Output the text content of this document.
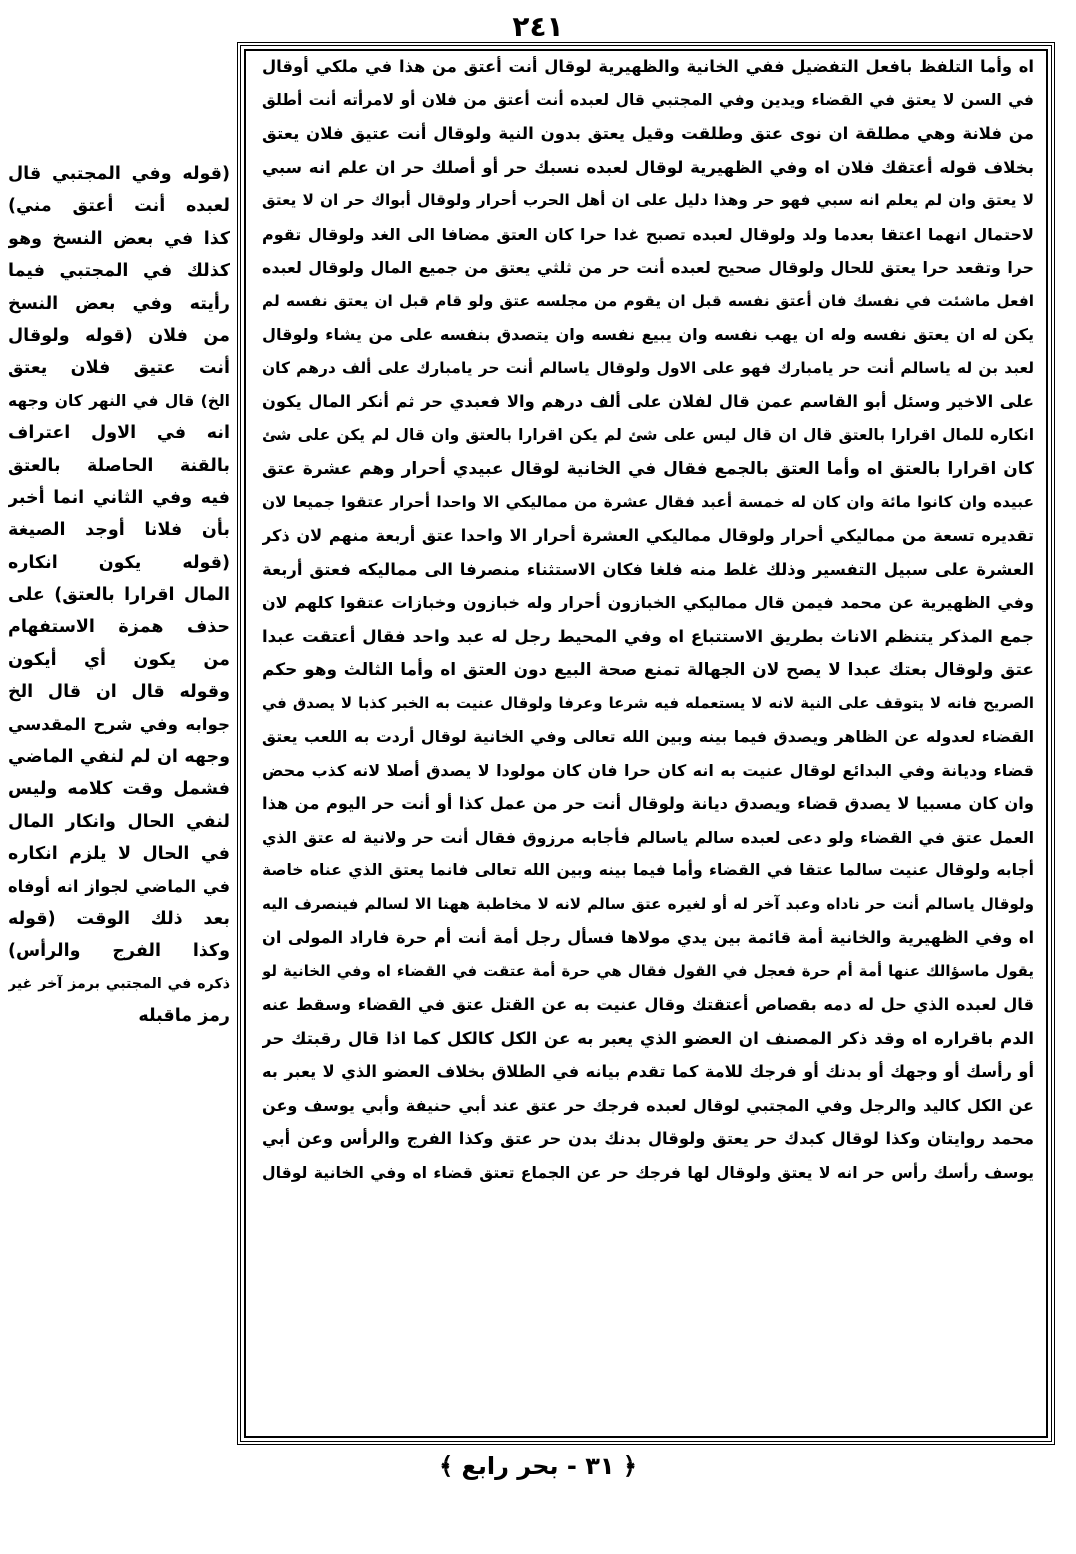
٢٤١
اه وأما التلفظ بافعل التفضيل ففي الخانية والظهيرية لوقال أنت أعتق من هذا في ملكي أوقال
في السن لا يعتق في القضاء ويدين وفي المجتبي قال لعبده أنت أعتق من فلان أو لامرأته أنت أطلق
من فلانة وهي مطلقة ان نوى عتق وطلقت وقيل يعتق بدون النية ولوقال أنت عتيق فلان يعتق
بخلاف قوله أعتقك فلان اه وفي الظهيرية لوقال لعبده نسبك حر أو أصلك حر ان علم انه سبي
لا يعتق وان لم يعلم انه سبي فهو حر وهذا دليل على ان أهل الحرب أحرار ولوقال أبواك حر ان لا يعتق
لاحتمال انهما اعتقا بعدما ولد ولوقال لعبده تصبح غدا حرا كان العتق مضافا الى الغد ولوقال تقوم
حرا وتقعد حرا يعتق للحال ولوقال صحيح لعبده أنت حر من ثلثي يعتق من جميع المال ولوقال لعبده
افعل ماشئت في نفسك فان أعتق نفسه قبل ان يقوم من مجلسه عتق ولو قام قبل ان يعتق نفسه لم
يكن له ان يعتق نفسه وله ان يهب نفسه وان يبيع نفسه وان يتصدق بنفسه على من يشاء ولوقال
لعبد بن له ياسالم أنت حر يامبارك فهو على الاول ولوقال ياسالم أنت حر يامبارك على ألف درهم كان
على الاخير وسئل أبو القاسم عمن قال لفلان على ألف درهم والا فعبدي حر ثم أنكر المال يكون
انكاره للمال اقرارا بالعتق قال ان قال ليس على شئ لم يكن اقرارا بالعتق وان قال لم يكن على شئ
كان اقرارا بالعتق اه وأما العتق بالجمع فقال في الخانية لوقال عبيدي أحرار وهم عشرة عتق
عبيده وان كانوا مائة وان كان له خمسة أعبد فقال عشرة من مماليكي الا واحدا أحرار عتقوا جميعا لان
تقديره تسعة من مماليكي أحرار ولوقال مماليكي العشرة أحرار الا واحدا عتق أربعة منهم لان ذكر
العشرة على سبيل التفسير وذلك غلط منه فلغا فكان الاستثناء منصرفا الى مماليكه فعتق أربعة
وفي الظهيرية عن محمد فيمن قال مماليكي الخبازون أحرار وله خبازون وخبازات عتقوا كلهم لان
جمع المذكر يتنظم الاناث بطريق الاستتباع اه وفي المحيط رجل له عبد واحد فقال أعتقت عبدا
عتق ولوقال بعتك عبدا لا يصح لان الجهالة تمنع صحة البيع دون العتق اه وأما الثالث وهو حكم
الصريح فانه لا يتوقف على النية لانه لا يستعمله فيه شرعا وعرفا ولوقال عنيت به الخبر كذبا لا يصدق في
القضاء لعدوله عن الظاهر ويصدق فيما بينه وبين الله تعالى وفي الخانية لوقال أردت به اللعب يعتق
قضاء وديانة وفي البدائع لوقال عنيت به انه كان حرا فان كان مولودا لا يصدق أصلا لانه كذب محض
وان كان مسبيا لا يصدق قضاء ويصدق ديانة ولوقال أنت حر من عمل كذا أو أنت حر اليوم من هذا
العمل عتق في القضاء ولو دعى لعبده سالم ياسالم فأجابه مرزوق فقال أنت حر ولانية له عتق الذي
أجابه ولوقال عنيت سالما عتقا في القضاء وأما فيما بينه وبين الله تعالى فانما يعتق الذي عناه خاصة
ولوقال ياسالم أنت حر ناداه وعبد آخر له أو لغيره عتق سالم لانه لا مخاطبة ههنا الا لسالم فينصرف اليه
اه وفي الظهيرية والخانية أمة قائمة بين يدي مولاها فسأل رجل أمة أنت أم حرة فاراد المولى ان
يقول ماسؤالك عنها أمة أم حرة فعجل في القول فقال هي حرة أمة عتقت في القضاء اه وفي الخانية لو
قال لعبده الذي حل له دمه بقصاص أعتقتك وقال عنيت به عن القتل عتق في القضاء وسقط عنه
الدم باقراره اه وقد ذكر المصنف ان العضو الذي يعبر به عن الكل كالكل كما اذا قال رقبتك حر
أو رأسك أو وجهك أو بدنك أو فرجك للامة كما تقدم بيانه في الطلاق بخلاف العضو الذي لا يعبر به
عن الكل كاليد والرجل وفي المجتبي لوقال لعبده فرجك حر عتق عند أبي حنيفة وأبي يوسف وعن
محمد روايتان وكذا لوقال كبدك حر يعتق ولوقال بدنك بدن حر عتق وكذا الفرج والرأس وعن أبي
يوسف رأسك رأس حر انه لا يعتق ولوقال لها فرجك حر عن الجماع تعتق قضاء اه وفي الخانية لوقال
(قوله وفي المجتبي قال
لعبده أنت أعتق مني)
كذا في بعض النسخ وهو
كذلك في المجتبي فيما
رأيته وفي بعض النسخ
من فلان (قوله ولوقال
أنت عتيق فلان يعتق
الخ) قال في النهر كان وجهه
انه في الاول اعتراف
بالقنة الحاصلة بالعتق
فيه وفي الثاني انما أخبر
بأن فلانا أوجد الصيغة
(قوله يكون انكاره
المال اقرارا بالعتق) على
حذف همزة الاستفهام
من يكون أي أيكون
وقوله قال ان قال الخ
جوابه وفي شرح المقدسي
وجهه ان لم لنفي الماضي
فشمل وقت كلامه وليس
لنفي الحال وانكار المال
في الحال لا يلزم انكاره
في الماضي لجواز انه أوفاه
بعد ذلك الوقت (قوله
وكذا الفرج والرأس)
ذكره في المجتبي برمز آخر غير
رمز ماقبله
﴿ ٣١ - بحر رابع ﴾
